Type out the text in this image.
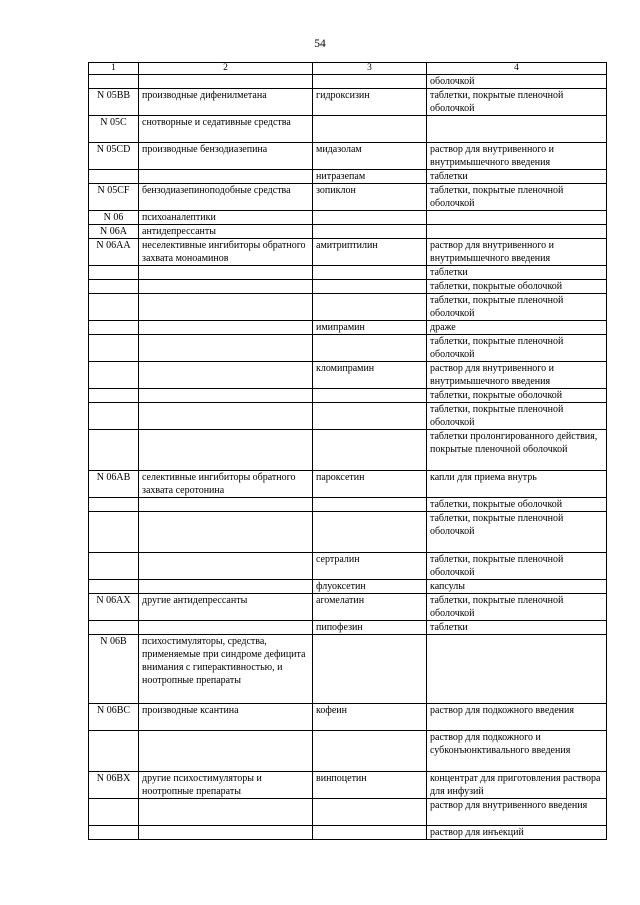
54
1	2	3	4
			оболочкой
N 05BB	производные дифенилметана	гидроксизин	таблетки, покрытые пленочной оболочкой
N 05C	снотворные и седативные средства		
N 05CD	производные бензодиазепина	мидазолам	раствор для внутривенного и внутримышечного введения
		нитразепам	таблетки
N 05CF	бензодиазепиноподобные средства	зопиклон	таблетки, покрытые пленочной оболочкой
N 06	психоаналептики		
N 06A	антидепрессанты		
N 06AA	неселективные ингибиторы обратного захвата моноаминов	амитриптилин	раствор для внутривенного и внутримышечного введения
			таблетки
			таблетки, покрытые оболочкой
			таблетки, покрытые пленочной оболочкой
		имипрамин	драже
			таблетки, покрытые пленочной оболочкой
		кломипрамин	раствор для внутривенного и внутримышечного введения
			таблетки, покрытые оболочкой
			таблетки, покрытые пленочной оболочкой
			таблетки пролонгированного действия, покрытые пленочной оболочкой
N 06AB	селективные ингибиторы обратного захвата серотонина	пароксетин	капли для приема внутрь
			таблетки, покрытые оболочкой
			таблетки, покрытые пленочной оболочкой
		сертралин	таблетки, покрытые пленочной оболочкой
		флуоксетин	капсулы
N 06AX	другие антидепрессанты	агомелатин	таблетки, покрытые пленочной оболочкой
		пипофезин	таблетки
N 06B	психостимуляторы, средства, применяемые при синдроме дефицита внимания с гиперактивностью, и ноотропные препараты		
N 06BC	производные ксантина	кофеин	раствор для подкожного введения
			раствор для подкожного и субконъюнктивального введения
N 06BX	другие психостимуляторы и ноотропные препараты	винпоцетин	концентрат для приготовления раствора для инфузий
			раствор для внутривенного введения
			раствор для инъекций
